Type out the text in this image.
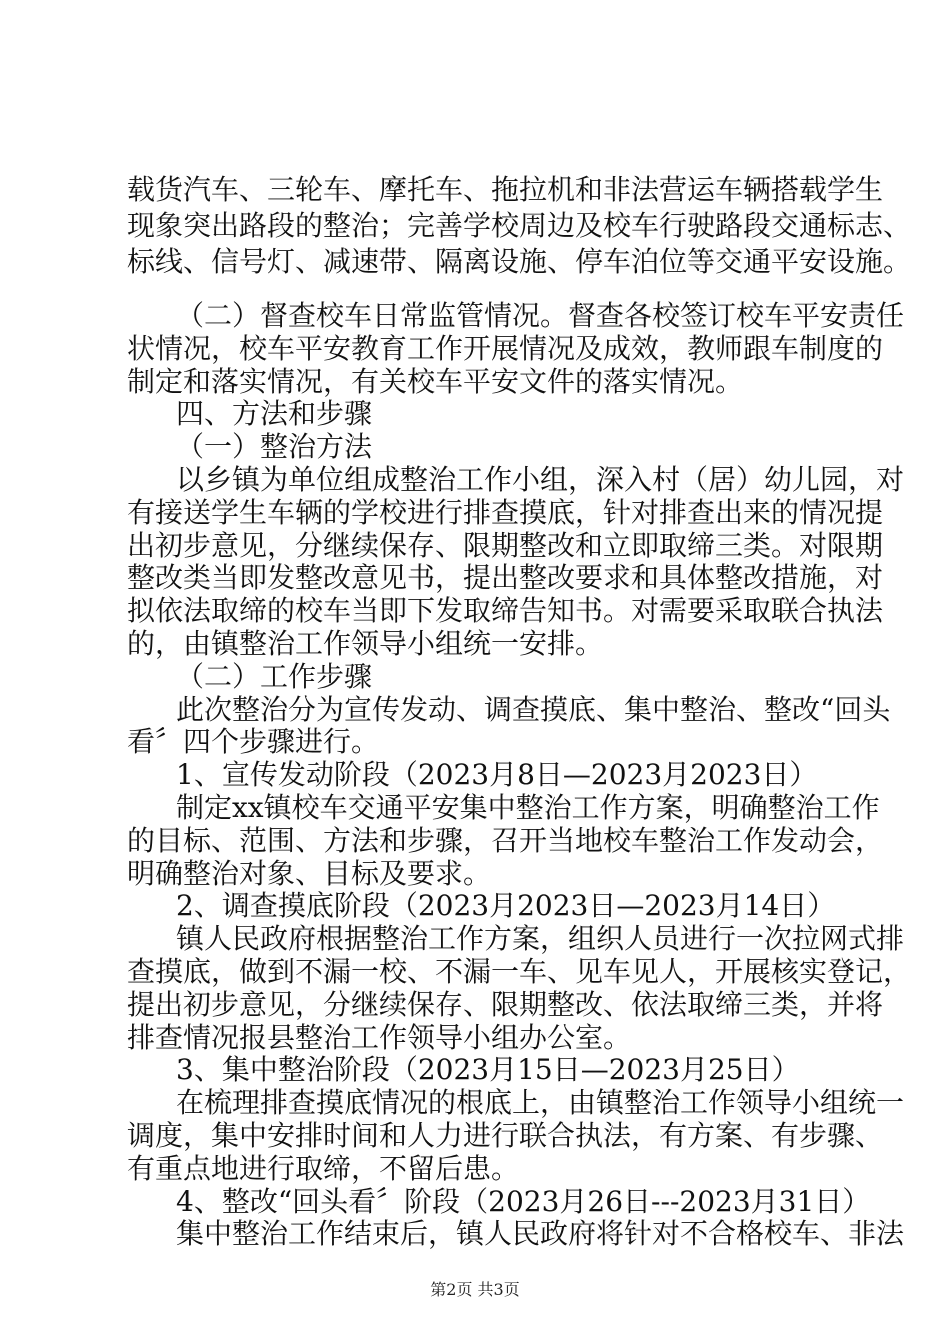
载货汽车、三轮车、摩托车、拖拉机和非法营运车辆搭载学生
现象突出路段的整治；完善学校周边及校车行驶路段交通标志、
标线、信号灯、减速带、隔离设施、停车泊位等交通平安设施。
（二）督查校车日常监管情况。督查各校签订校车平安责任
状情况，校车平安教育工作开展情况及成效，教师跟车制度的
制定和落实情况，有关校车平安文件的落实情况。
四、方法和步骤
（一）整治方法
以乡镇为单位组成整治工作小组，深入村（居）幼儿园，对
有接送学生车辆的学校进行排查摸底，针对排查出来的情况提
出初步意见，分继续保存、限期整改和立即取缔三类。对限期
整改类当即发整改意见书，提出整改要求和具体整改措施，对
拟依法取缔的校车当即下发取缔告知书。对需要采取联合执法
的，由镇整治工作领导小组统一安排。
（二）工作步骤
此次整治分为宣传发动、调查摸底、集中整治、整改“回头
看〞四个步骤进行。
1、宣传发动阶段（2023月8日—2023月2023日）
制定xx镇校车交通平安集中整治工作方案，明确整治工作
的目标、范围、方法和步骤，召开当地校车整治工作发动会，
明确整治对象、目标及要求。
2、调查摸底阶段（2023月2023日—2023月14日）
镇人民政府根据整治工作方案，组织人员进行一次拉网式排
查摸底，做到不漏一校、不漏一车、见车见人，开展核实登记，
提出初步意见，分继续保存、限期整改、依法取缔三类，并将
排查情况报县整治工作领导小组办公室。
3、集中整治阶段（2023月15日—2023月25日）
在梳理排查摸底情况的根底上，由镇整治工作领导小组统一
调度，集中安排时间和人力进行联合执法，有方案、有步骤、
有重点地进行取缔，不留后患。
4、整改“回头看〞阶段（2023月26日---2023月31日）
集中整治工作结束后，镇人民政府将针对不合格校车、非法
第2页 共3页
